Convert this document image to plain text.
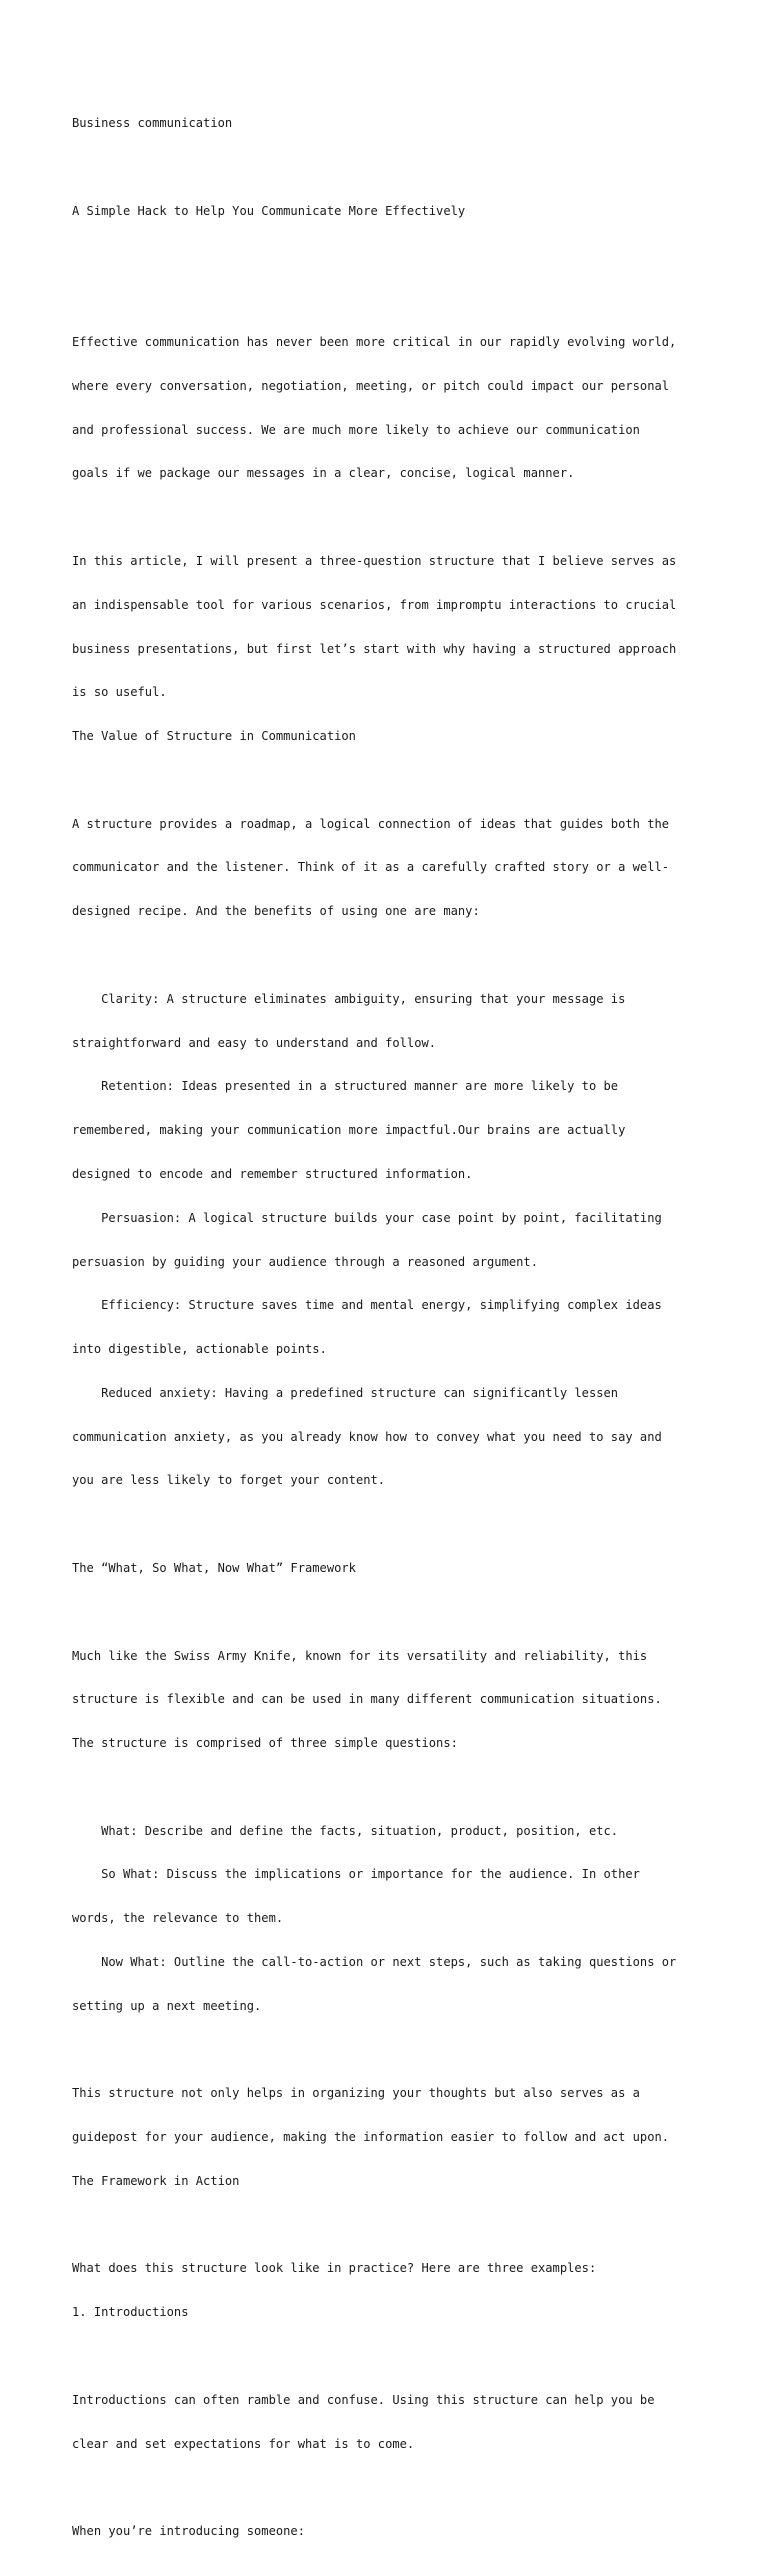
Business communication

A Simple Hack to Help You Communicate More Effectively

Effective communication has never been more critical in our rapidly evolving world,

where every conversation, negotiation, meeting, or pitch could impact our personal

and professional success. We are much more likely to achieve our communication

goals if we package our messages in a clear, concise, logical manner.

In this article, I will present a three-question structure that I believe serves as

an indispensable tool for various scenarios, from impromptu interactions to crucial

business presentations, but first let’s start with why having a structured approach

is so useful.

The Value of Structure in Communication

A structure provides a roadmap, a logical connection of ideas that guides both the

communicator and the listener. Think of it as a carefully crafted story or a well-

designed recipe. And the benefits of using one are many:

Clarity: A structure eliminates ambiguity, ensuring that your message is

straightforward and easy to understand and follow.

Retention: Ideas presented in a structured manner are more likely to be

remembered, making your communication more impactful.Our brains are actually

designed to encode and remember structured information.

Persuasion: A logical structure builds your case point by point, facilitating

persuasion by guiding your audience through a reasoned argument.

Efficiency: Structure saves time and mental energy, simplifying complex ideas

into digestible, actionable points.

Reduced anxiety: Having a predefined structure can significantly lessen

communication anxiety, as you already know how to convey what you need to say and

you are less likely to forget your content.

The “What, So What, Now What” Framework

Much like the Swiss Army Knife, known for its versatility and reliability, this

structure is flexible and can be used in many different communication situations.

The structure is comprised of three simple questions:

What: Describe and define the facts, situation, product, position, etc.

So What: Discuss the implications or importance for the audience. In other

words, the relevance to them.

Now What: Outline the call-to-action or next steps, such as taking questions or

setting up a next meeting.

This structure not only helps in organizing your thoughts but also serves as a

guidepost for your audience, making the information easier to follow and act upon.

The Framework in Action

What does this structure look like in practice? Here are three examples:

1. Introductions

Introductions can often ramble and confuse. Using this structure can help you be

clear and set expectations for what is to come.

When you’re introducing someone:
